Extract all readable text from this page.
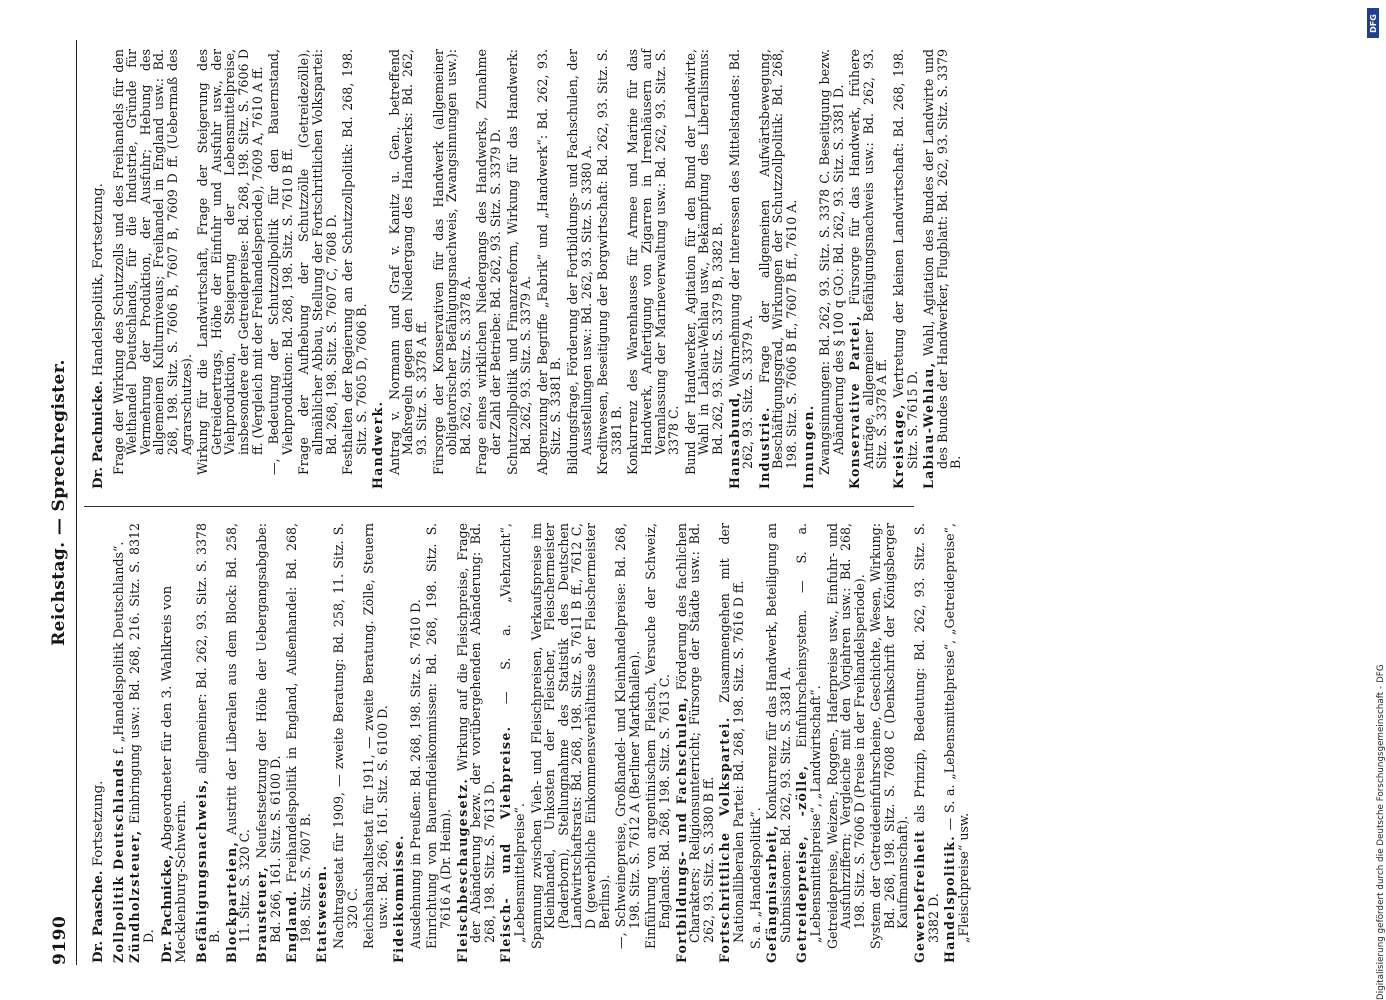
9190
Reichstag. — Sprechregister.
Dr. Paasche. Fortsetzung. Zollpolitik Deutschlands f. „Handelspolitik Deutschlands“.
Zündholzsteuer, Einbringung usw.: Bd. 268, 216. Sitz. S. 8312 D. Dr. Pachnicke, Abgeordneter für den 3. Wahlkreis von Mecklenburg-Schwerin. Befähigungsnachweis, allgemeiner: Bd. 262, 93. Sitz. S. 3378 B. Blockparteien, Austritt der Liberalen aus dem Block: Bd. 258, 11. Sitz. S. 320 C. Brausteuer, Neufestsetzung der Höhe der Uebergangsabgabe: Bd. 266, 161. Sitz. S. 6100 D. England. Freihandelspolitik in England, Außenhandel: Bd. 268, 198. Sitz. S. 7607 B. Etatswesen. Nachtragsetat für 1909, — zweite Beratung: Bd. 258, 11. Sitz. S. 320 C. Reichshaushaltsetat für 1911, — zweite Beratung. Zölle, Steuern usw.: Bd. 266, 161. Sitz. S. 6100 D. Fideikommisse. Ausdehnung in Preußen: Bd. 268, 198. Sitz. S. 7610 D. Einrichtung von Bauernfideikommissen: Bd. 268, 198. Sitz. S. 7616 A (Dr. Heim). Fleischbeschaugesetz. Wirkung auf die Fleischpreise, Frage der Abänderung bezw. der vorübergehenden Abänderung: Bd. 268, 198. Sitz. S. 7613 D. Fleisch- und Viehpreise. — S. a. „Viehzucht“, „Lebensmittelpreise“. Spannung zwischen Vieh- und Fleischpreisen, Verkaufspreise im Kleinhandel, Unkosten der Fleischer, Fleischermeister (Paderborn), Stellungnahme des Statistik des Deutschen Landwirtschaftsrats: Bd. 268, 198. Sitz. S. 7611 B ff., 7612 C, D (gewerbliche Einkommensverhältnisse der Fleischermeister Berlins). —, Schweinepreise, Großhandel- und Kleinhandelpreise: Bd. 268, 198. Sitz. S. 7612 A (Berliner Markthallen). Einführung von argentinischem Fleisch, Versuche der Schweiz, Englands: Bd. 268, 198. Sitz. S. 7613 C. Fortbildungs- und Fachschulen, Förderung des fachlichen Charakters; Religionsunterricht; Fürsorge der Städte usw.: Bd. 262, 93. Sitz. S. 3380 B ff. Fortschrittliche Volkspartei. Zusammengehen mit der Nationalliberalen Partei: Bd. 268, 198. Sitz. S. 7616 D ff. S. a. „Handelspolitik“. Gefängnisarbeit, Konkurrenz für das Handwerk, Beteiligung an Submissionen: Bd. 262, 93. Sitz. S. 3381 A. Getreidepreise, -zölle, Einfuhrscheinsystem. — S. a. „Lebensmittelpreise“, „Landwirtschaft“. Getreidepreise, Weizen-, Roggen-, Haferpreise usw., Einfuhr- und Ausfuhrziffern; Vergleiche mit den Vorjahren usw.: Bd. 268, 198. Sitz. S. 7606 D (Preise in der Freihandelsperiode). System der Getreideeinfuhrscheine, Geschichte, Wesen, Wirkung: Bd. 268, 198. Sitz. S. 7608 C (Denkschrift der Königsberger Kaufmannschaft). Gewerbefreiheit als Prinzip, Bedeutung: Bd. 262, 93. Sitz. S. 3382 D. Handelspolitik. — S. a. „Lebensmittelpreise“, „Getreidepreise“, „Fleischpreise“ usw.
Dr. Pachnicke. Handelspolitik, Fortsetzung. Frage der Wirkung des Schutzzolls und des Freihandels für den Welthandel Deutschlands, für die Industrie, Gründe für Vermehrung der Produktion, der Ausfuhr; Hebung des allgemeinen Kulturniveaus; Freihandel in England usw.: Bd. 268, 198. Sitz. S. 7606 B, 7607 B, 7609 D ff. (Uebermaß des Agrarschutzes). Wirkung für die Landwirtschaft, Frage der Steigerung des Getreideertrags, Höhe der Einfuhr und Ausfuhr usw., der Viehproduktion, Steigerung der Lebensmittelpreise, insbesondere der Getreidepreise: Bd. 268, 198. Sitz. S. 7606 D ff. (Vergleich mit der Freihandelsperiode), 7609 A, 7610 A ff. —, Bedeutung der Schutzzollpolitik für den Bauernstand, Viehproduktion: Bd. 268, 198. Sitz. S. 7610 B ff. Frage der Aufhebung der Schutzzölle (Getreidezölle), allmählicher Abbau, Stellung der Fortschrittlichen Volkspartei: Bd. 268, 198. Sitz. S. 7607 C, 7608 D. Festhalten der Regierung an der Schutzzollpolitik: Bd. 268, 198. Sitz. S. 7605 D, 7606 B. Handwerk. Antrag v. Normann und Graf v. Kanitz u. Gen., betreffend Maßregeln gegen den Niedergang des Handwerks: Bd. 262, 93. Sitz. S. 3378 A ff. Fürsorge der Konservativen für das Handwerk (allgemeiner obligatorischer Befähigungsnachweis, Zwangsinnungen usw.): Bd. 262, 93. Sitz. S. 3378 A. Frage eines wirklichen Niedergangs des Handwerks, Zunahme der Zahl der Betriebe: Bd. 262, 93. Sitz. S. 3379 D. Schutzzollpolitik und Finanzreform, Wirkung für das Handwerk: Bd. 262, 93. Sitz. S. 3379 A. Abgrenzung der Begriffe „Fabrik“ und „Handwerk“: Bd. 262, 93. Sitz. S. 3381 B. Bildungsfrage, Förderung der Fortbildungs- und Fachschulen, der Ausstellungen usw.: Bd. 262, 93. Sitz. S. 3380 A. Kreditwesen, Beseitigung der Borgwirtschaft: Bd. 262, 93. Sitz. S. 3381 B. Konkurrenz des Warenhauses für Armee und Marine für das Handwerk, Anfertigung von Zigarren in Irrenhäusern auf Veranlassung der Marineverwaltung usw.: Bd. 262, 93. Sitz. S. 3378 C. Bund der Handwerker, Agitation für den Bund der Landwirte, Wahl in Labiau-Wehlau usw., Bekämpfung des Liberalismus: Bd. 262, 93. Sitz. S. 3379 B, 3382 B. Hansabund, Wahrnehmung der Interessen des Mittelstandes: Bd. 262, 93. Sitz. S. 3379 A. Industrie. Frage der allgemeinen Aufwärtsbewegung, Beschäftigungsgrad, Wirkungen der Schutzzollpolitik: Bd. 268, 198. Sitz. S. 7606 B ff., 7607 B ff., 7610 A. Innungen. Zwangsinnungen: Bd. 262, 93. Sitz. S. 3378 C. Beseitigung bezw. Abänderung des § 100 q GO.: Bd. 262, 93. Sitz. S. 3381 D. Konservative Partei, Fürsorge für das Handwerk, frühere Anträge, allgemeiner Befähigungsnachweis usw.: Bd. 262, 93. Sitz. S. 3378 A ff. Kreistage, Vertretung der kleinen Landwirtschaft: Bd. 268, 198. Sitz. S. 7615 D. Labiau-Wehlau, Wahl, Agitation des Bundes der Landwirte und des Bundes der Handwerker, Flugblatt: Bd. 262, 93. Sitz. S. 3379 B.
Digitalisierung gefördert durch die Deutsche Forschungsgemeinschaft - DFG
DFG
